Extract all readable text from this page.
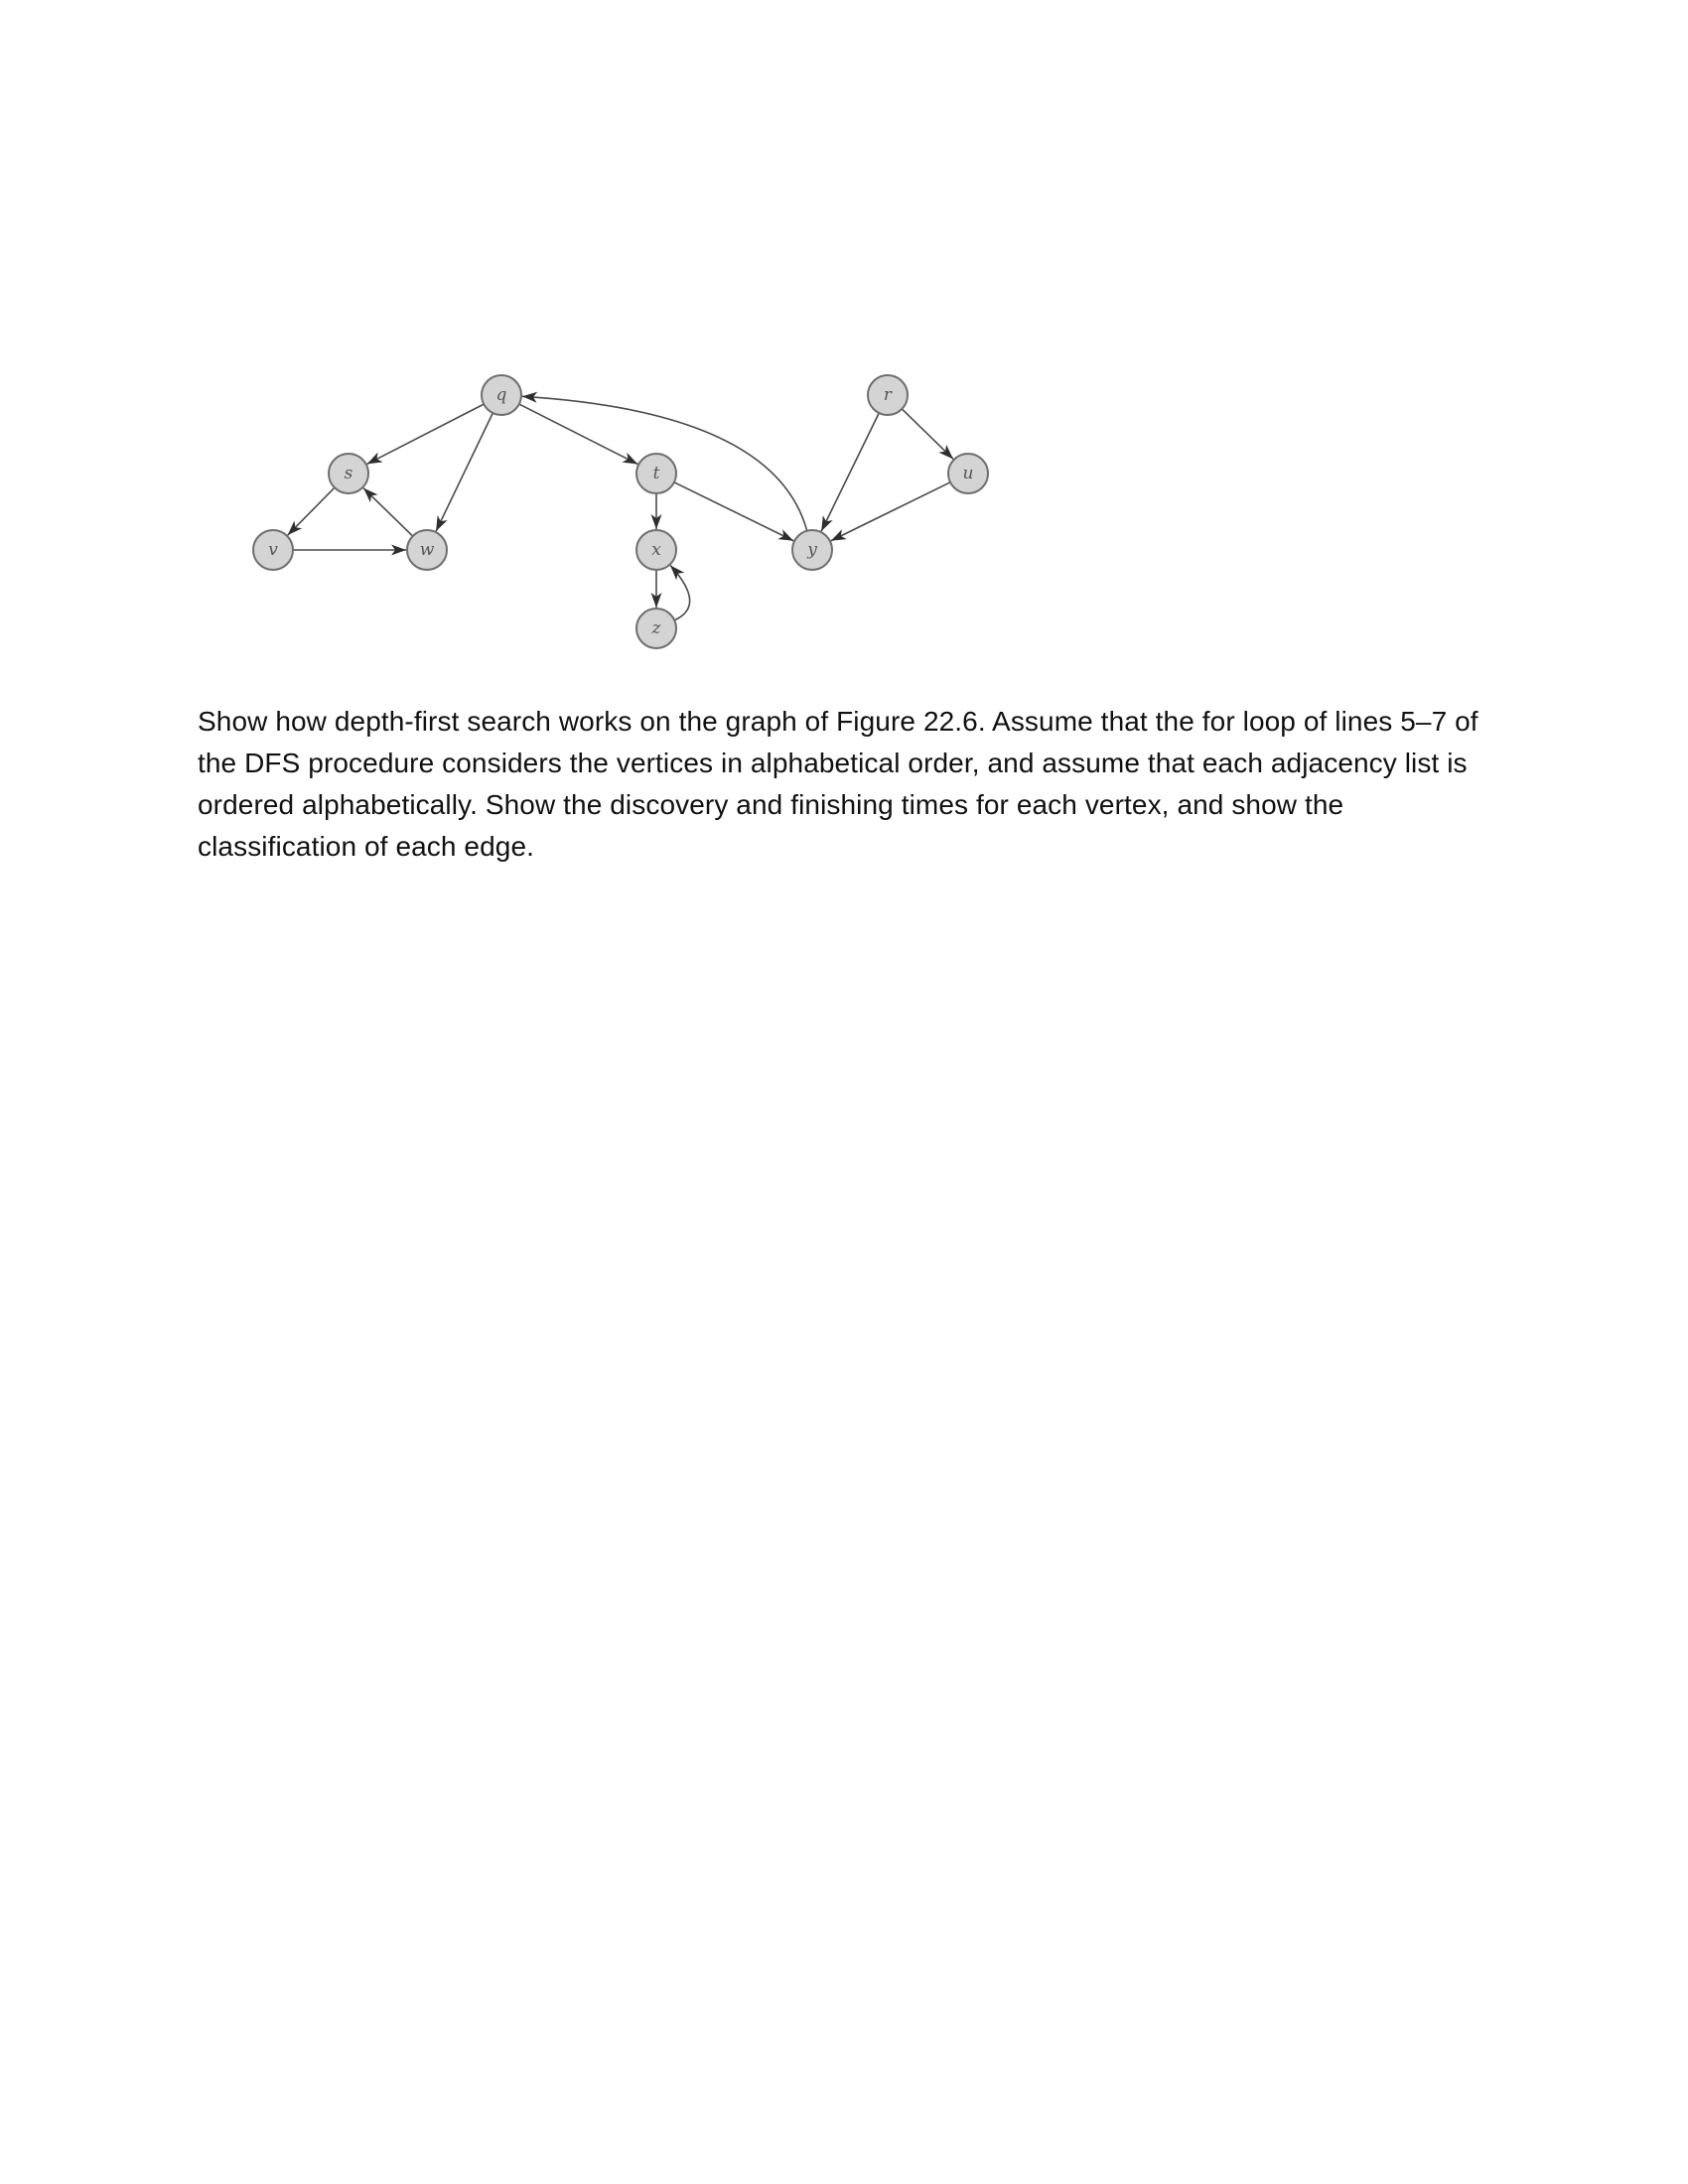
q	r
s	t	u
v	w	x	y
z

Show how depth-first search works on the graph of Figure 22.6. Assume that the for loop of lines 5–7 of the DFS procedure considers the vertices in alphabetical order, and assume that each adjacency list is ordered alphabetically. Show the discovery and finishing times for each vertex, and show the classification of each edge.
